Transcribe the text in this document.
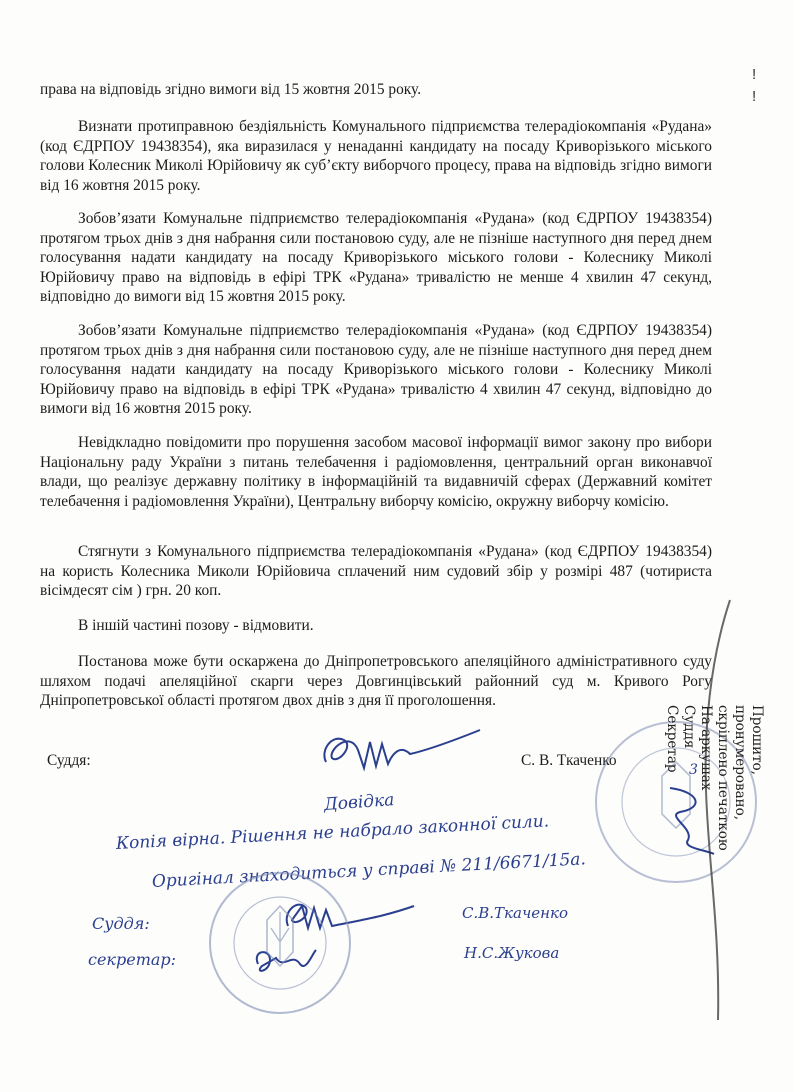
!
!

права на відповідь згідно вимоги від 15 жовтня 2015 року.

Визнати протиправною бездіяльність Комунального підприємства телерадіокомпанія «Рудана» (код ЄДРПОУ 19438354), яка виразилася у ненаданні кандидату на посаду Криворізького міського голови Колесник Миколі Юрійовичу як суб’єкту виборчого процесу, права на відповідь згідно вимоги від 16 жовтня 2015 року.

Зобов’язати Комунальне підприємство телерадіокомпанія «Рудана» (код ЄДРПОУ 19438354) протягом трьох днів з дня набрання сили постановою суду, але не пізніше наступного дня перед днем голосування надати кандидату на посаду Криворізького міського голови - Колеснику Миколі Юрійовичу право на відповідь в ефірі ТРК «Рудана» тривалістю не менше 4 хвилин 47 секунд, відповідно до вимоги від 15 жовтня 2015 року.

Зобов’язати Комунальне підприємство телерадіокомпанія «Рудана» (код ЄДРПОУ 19438354) протягом трьох днів з дня набрання сили постановою суду, але не пізніше наступного дня перед днем голосування надати кандидату на посаду Криворізького міського голови - Колеснику Миколі Юрійовичу право на відповідь в ефірі ТРК «Рудана» тривалістю 4 хвилин 47 секунд, відповідно до вимоги від 16 жовтня 2015 року.

Невідкладно повідомити про порушення засобом масової інформації вимог закону про вибори Національну раду України з питань телебачення і радіомовлення, центральний орган виконавчої влади, що реалізує державну політику в інформаційній та видавничій сферах (Державний комітет телебачення і радіомовлення України), Центральну виборчу комісію, окружну виборчу комісію.

Стягнути з Комунального підприємства телерадіокомпанія «Рудана» (код ЄДРПОУ 19438354) на користь Колесника Миколи Юрійовича сплачений ним судовий збір у розмірі 487 (чотириста вісімдесят сім ) грн. 20 коп.

В іншій частині позову - відмовити.

Постанова може бути оскаржена до Дніпропетровського апеляційного адміністративного суду шляхом подачі апеляційної скарги через Довгинцівський районний суд м. Кривого Рогу Дніпропетровської області протягом двох днів з дня її проголошення.

Суддя:	С. В. Ткаченко
Довідка
Копія вірна. Рішення не набрало законної сили.
Оригінал знаходиться у справі № 211/6671/15а.
Суддя:
секретар:
С.В.Ткаченко
Н.С.Жукова
Прошито,
пронумеровано,
скріплено печаткою
На аркушах
Суддя
Секретар 3
